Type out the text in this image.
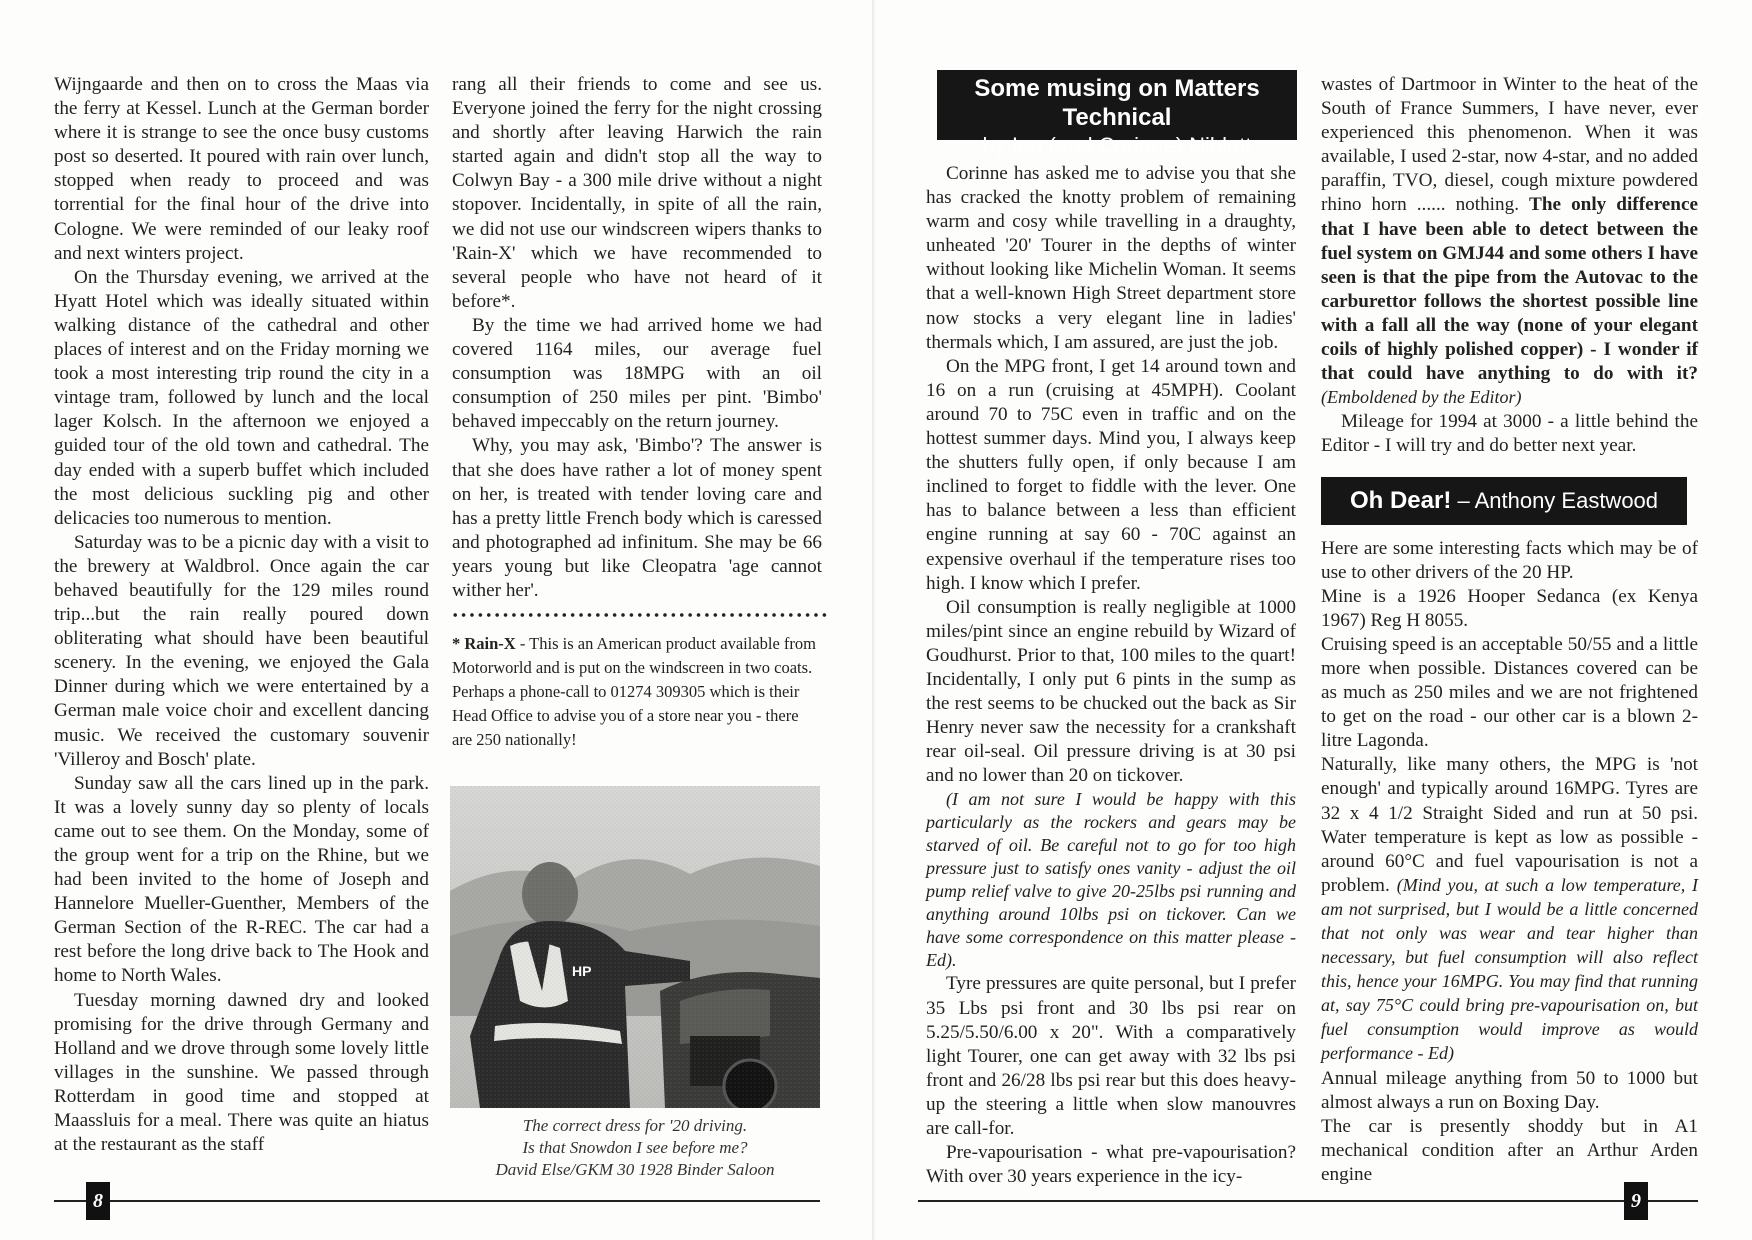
Wijngaarde and then on to cross the Maas via the ferry at Kessel. Lunch at the German border where it is strange to see the once busy customs post so deserted. It poured with rain over lunch, stopped when ready to proceed and was torrential for the final hour of the drive into Cologne. We were reminded of our leaky roof and next winters project.

On the Thursday evening, we arrived at the Hyatt Hotel which was ideally situated within walking distance of the cathedral and other places of interest and on the Friday morning we took a most interesting trip round the city in a vintage tram, followed by lunch and the local lager Kolsch. In the afternoon we enjoyed a guided tour of the old town and cathedral. The day ended with a superb buffet which included the most delicious suckling pig and other delicacies too numerous to mention.

Saturday was to be a picnic day with a visit to the brewery at Waldbrol. Once again the car behaved beautifully for the 129 miles round trip...but the rain really poured down obliterating what should have been beautiful scenery. In the evening, we enjoyed the Gala Dinner during which we were entertained by a German male voice choir and excellent dancing music. We received the customary souvenir 'Villeroy and Bosch' plate.

Sunday saw all the cars lined up in the park. It was a lovely sunny day so plenty of locals came out to see them. On the Monday, some of the group went for a trip on the Rhine, but we had been invited to the home of Joseph and Hannelore Mueller-Guenther, Members of the German Section of the R-REC. The car had a rest before the long drive back to The Hook and home to North Wales.

Tuesday morning dawned dry and looked promising for the drive through Germany and Holland and we drove through some lovely little villages in the sunshine. We passed through Rotterdam in good time and stopped at Maassluis for a meal. There was quite an hiatus at the restaurant as the staff

rang all their friends to come and see us. Everyone joined the ferry for the night crossing and shortly after leaving Harwich the rain started again and didn't stop all the way to Colwyn Bay - a 300 mile drive without a night stopover. Incidentally, in spite of all the rain, we did not use our windscreen wipers thanks to 'Rain-X' which we have recommended to several people who have not heard of it before*.

By the time we had arrived home we had covered 1164 miles, our average fuel consumption was 18MPG with an oil consumption of 250 miles per pint. 'Bimbo' behaved impeccably on the return journey.

Why, you may ask, 'Bimbo'? The answer is that she does have rather a lot of money spent on her, is treated with tender loving care and has a pretty little French body which is caressed and photographed ad infinitum. She may be 66 years young but like Cleopatra 'age cannot wither her'.

* Rain-X - This is an American product available from Motorworld and is put on the windscreen in two coats. Perhaps a phone-call to 01274 309305 which is their Head Office to advise you of a store near you - there are 250 nationally!

The correct dress for '20 driving.

Is that Snowdon I see before me?

David Else/GKM 30 1928 Binder Saloon

8
Some musing on Matters Technical
by Ian (and Corinne) Niblett

Corinne has asked me to advise you that she has cracked the knotty problem of remaining warm and cosy while travelling in a draughty, unheated '20' Tourer in the depths of winter without looking like Michelin Woman. It seems that a well-known High Street department store now stocks a very elegant line in ladies' thermals which, I am assured, are just the job.

On the MPG front, I get 14 around town and 16 on a run (cruising at 45MPH). Coolant around 70 to 75C even in traffic and on the hottest summer days. Mind you, I always keep the shutters fully open, if only because I am inclined to forget to fiddle with the lever. One has to balance between a less than efficient engine running at say 60 - 70C against an expensive overhaul if the temperature rises too high. I know which I prefer.

Oil consumption is really negligible at 1000 miles/pint since an engine rebuild by Wizard of Goudhurst. Prior to that, 100 miles to the quart! Incidentally, I only put 6 pints in the sump as the rest seems to be chucked out the back as Sir Henry never saw the necessity for a crankshaft rear oil-seal. Oil pressure driving is at 30 psi and no lower than 20 on tickover.

(I am not sure I would be happy with this particularly as the rockers and gears may be starved of oil. Be careful not to go for too high pressure just to satisfy ones vanity - adjust the oil pump relief valve to give 20-25lbs psi running and anything around 10lbs psi on tickover. Can we have some correspondence on this matter please - Ed).

Tyre pressures are quite personal, but I prefer 35 Lbs psi front and 30 lbs psi rear on 5.25/5.50/6.00 x 20". With a comparatively light Tourer, one can get away with 32 lbs psi front and 26/28 lbs psi rear but this does heavy-up the steering a little when slow manouvres are call-for.

Pre-vapourisation - what pre-vapourisation? With over 30 years experience in the icy-

wastes of Dartmoor in Winter to the heat of the South of France Summers, I have never, ever experienced this phenomenon. When it was available, I used 2-star, now 4-star, and no added paraffin, TVO, diesel, cough mixture powdered rhino horn ...... nothing. The only difference that I have been able to detect between the fuel system on GMJ44 and some others I have seen is that the pipe from the Autovac to the carburettor follows the shortest possible line with a fall all the way (none of your elegant coils of highly polished copper) - I wonder if that could have anything to do with it? (Emboldened by the Editor)

Mileage for 1994 at 3000 - a little behind the Editor - I will try and do better next year.

Oh Dear! – Anthony Eastwood

Here are some interesting facts which may be of use to other drivers of the 20 HP.

Mine is a 1926 Hooper Sedanca (ex Kenya 1967) Reg H 8055.

Cruising speed is an acceptable 50/55 and a little more when possible. Distances covered can be as much as 250 miles and we are not frightened to get on the road - our other car is a blown 2-litre Lagonda.

Naturally, like many others, the MPG is 'not enough' and typically around 16MPG. Tyres are 32 x 4 1/2 Straight Sided and run at 50 psi. Water temperature is kept as low as possible - around 60°C and fuel vapourisation is not a problem. (Mind you, at such a low temperature, I am not surprised, but I would be a little concerned that not only was wear and tear higher than necessary, but fuel consumption will also reflect this, hence your 16MPG. You may find that running at, say 75°C could bring pre-vapourisation on, but fuel consumption would improve as would performance - Ed)

Annual mileage anything from 50 to 1000 but almost always a run on Boxing Day.

The car is presently shoddy but in A1 mechanical condition after an Arthur Arden engine

9
